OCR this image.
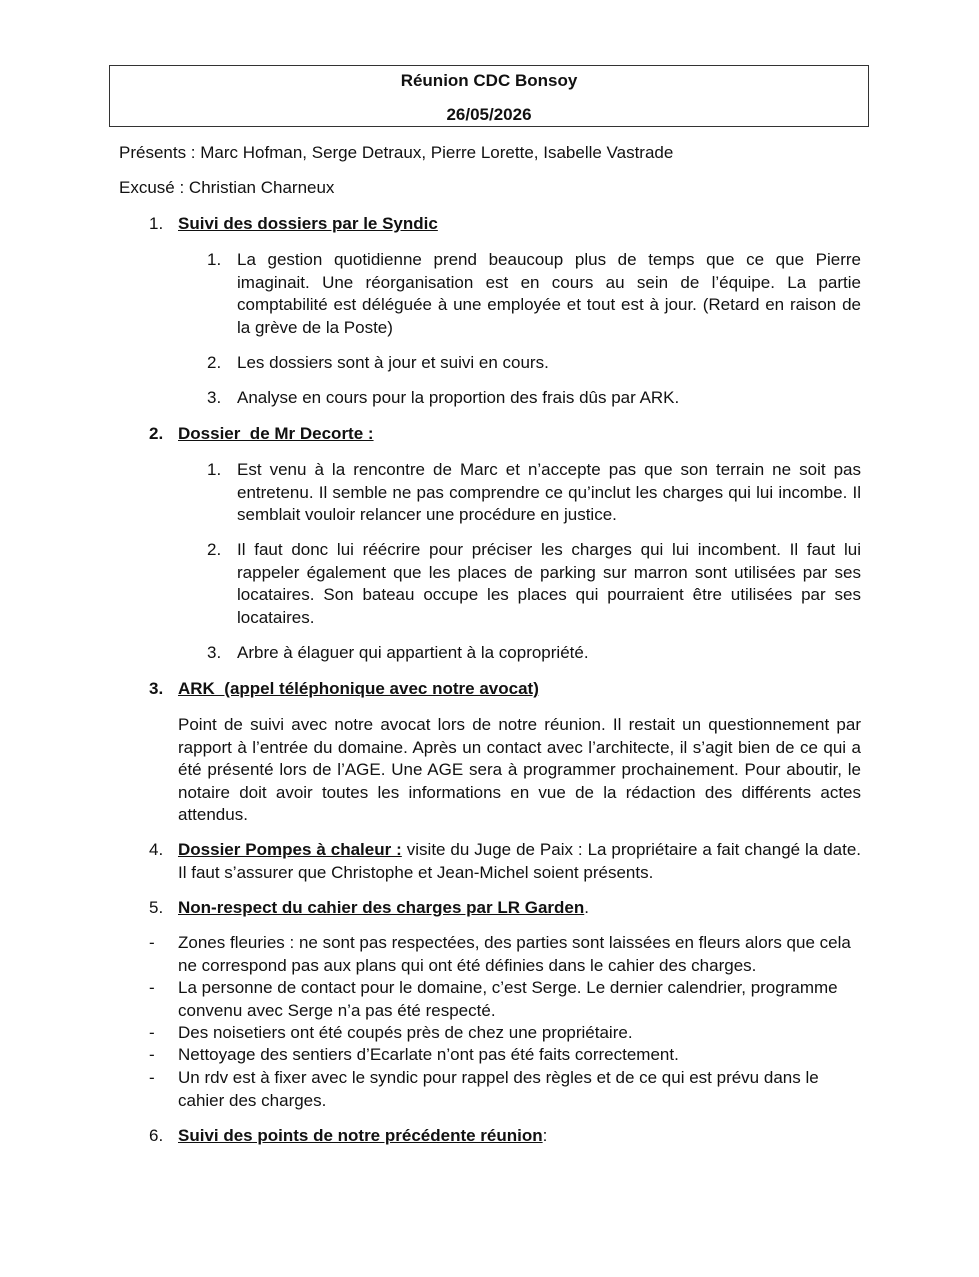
Réunion CDC Bonsoy
26/05/2026
Présents : Marc Hofman, Serge Detraux, Pierre Lorette, Isabelle Vastrade
Excusé : Christian Charneux
1. Suivi des dossiers par le Syndic
1. La gestion quotidienne prend beaucoup plus de temps que ce que Pierre imaginait. Une réorganisation est en cours au sein de l’équipe. La partie comptabilité est déléguée à une employée et tout est à jour. (Retard en raison de la grève de la Poste)
2. Les dossiers sont à jour et suivi en cours.
3. Analyse en cours pour la proportion des frais dûs par ARK.
2. Dossier  de Mr Decorte :
1. Est venu à la rencontre de Marc et n’accepte pas que son terrain ne soit pas entretenu. Il semble ne pas comprendre ce qu’inclut les charges qui lui incombe. Il semblait vouloir relancer une procédure en justice.
2. Il faut donc lui réécrire pour préciser les charges qui lui incombent. Il faut lui rappeler également que les places de parking sur marron sont utilisées par ses locataires. Son bateau occupe les places qui pourraient être utilisées par ses locataires.
3. Arbre à élaguer qui appartient à la copropriété.
3. ARK  (appel téléphonique avec notre avocat)
Point de suivi avec notre avocat lors de notre réunion. Il restait un questionnement par rapport à l’entrée du domaine. Après un contact avec l’architecte, il s’agit bien de ce qui a été présenté lors de l’AGE. Une AGE sera à programmer prochainement. Pour aboutir, le notaire doit avoir toutes les informations en vue de la rédaction des différents actes attendus.
4. Dossier Pompes à chaleur : visite du Juge de Paix : La propriétaire a fait changé la date. Il faut s’assurer que Christophe et Jean-Michel soient présents.
5. Non-respect du cahier des charges par LR Garden.
- Zones fleuries : ne sont pas respectées, des parties sont laissées en fleurs alors que cela ne correspond pas aux plans qui ont été définies dans le cahier des charges.
- La personne de contact pour le domaine, c’est Serge. Le dernier calendrier, programme convenu avec Serge n’a pas été respecté.
- Des noisetiers ont été coupés près de chez une propriétaire.
- Nettoyage des sentiers d’Ecarlate n’ont pas été faits correctement.
- Un rdv est à fixer avec le syndic pour rappel des règles et de ce qui est prévu dans le cahier des charges.
6. Suivi des points de notre précédente réunion:
